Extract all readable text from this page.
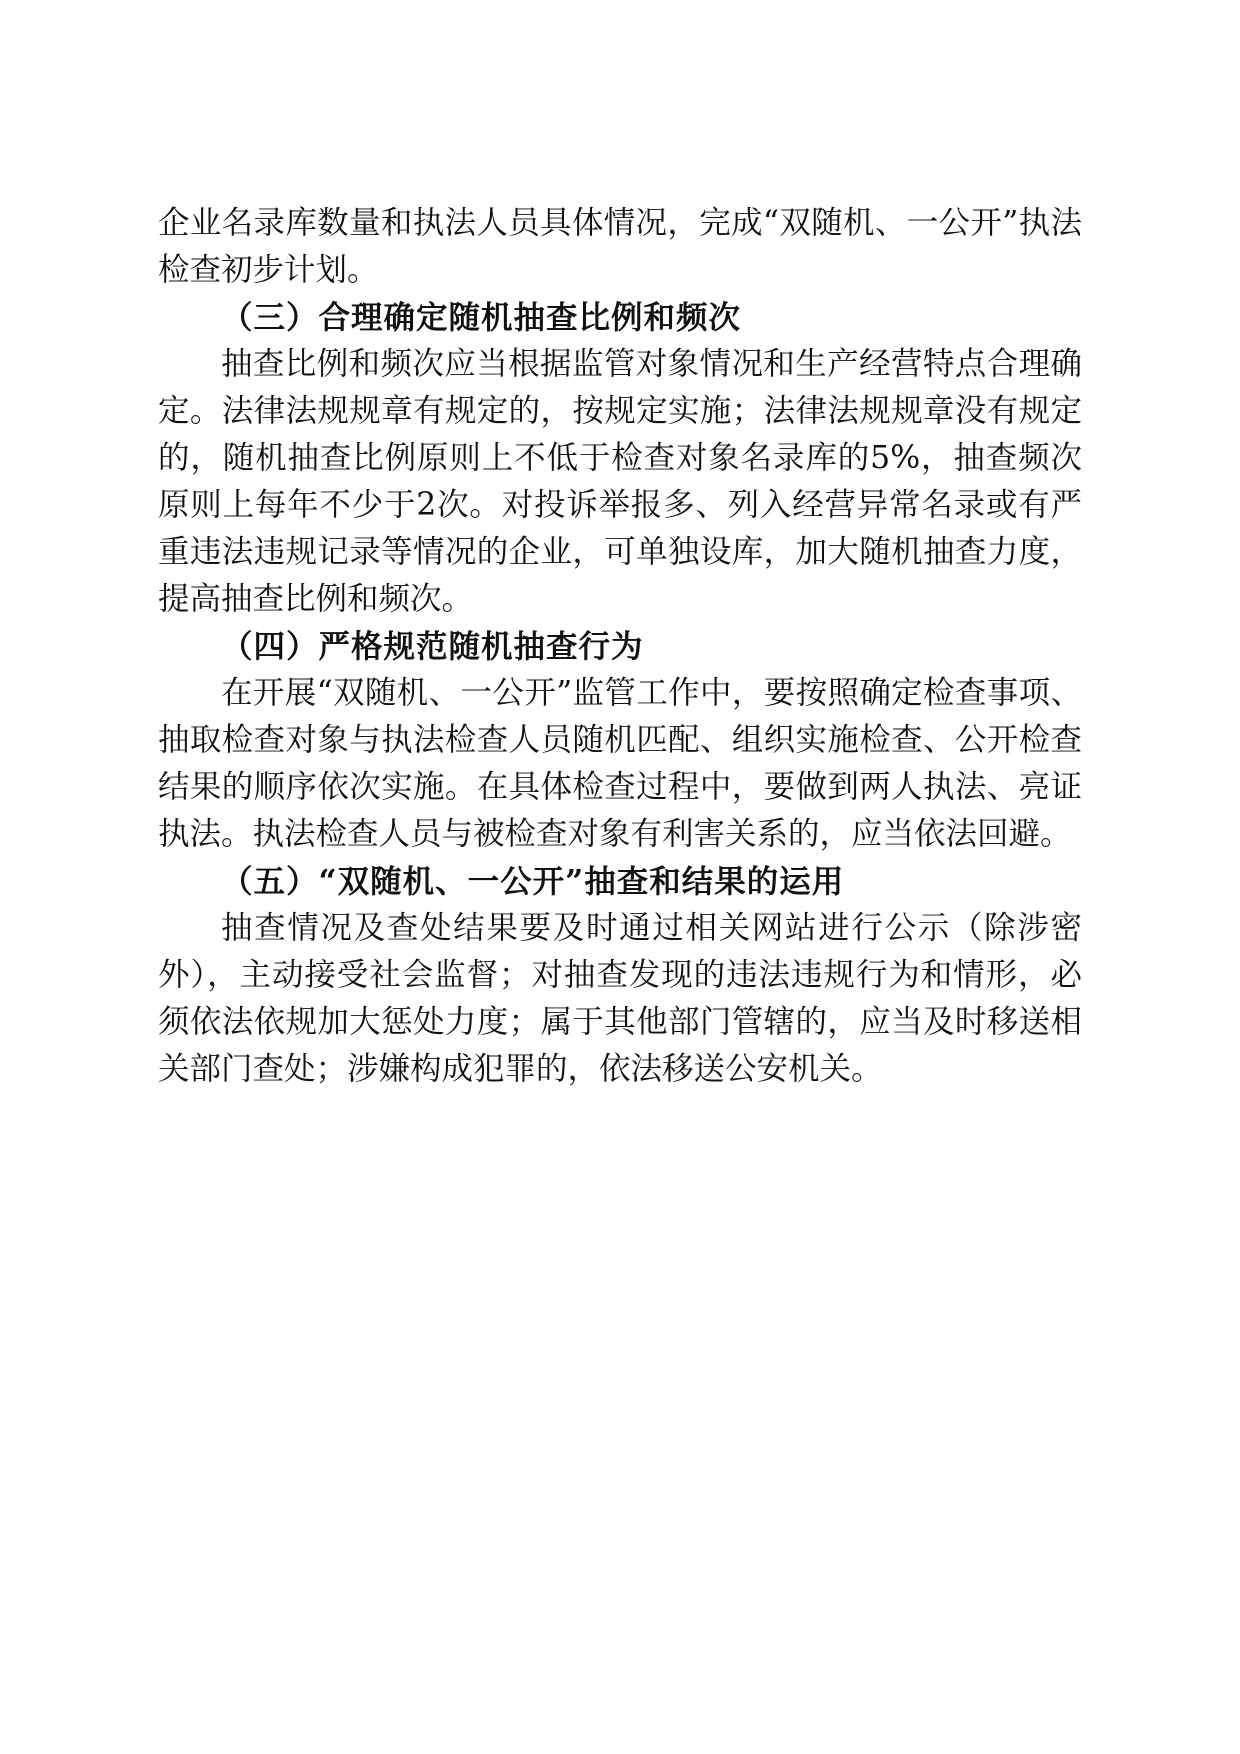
企业名录库数量和执法人员具体情况，完成“双随机、一公开”执法检查初步计划。

（三）合理确定随机抽查比例和频次

抽查比例和频次应当根据监管对象情况和生产经营特点合理确定。法律法规规章有规定的，按规定实施；法律法规规章没有规定的，随机抽查比例原则上不低于检查对象名录库的5%，抽查频次原则上每年不少于2次。对投诉举报多、列入经营异常名录或有严重违法违规记录等情况的企业，可单独设库，加大随机抽查力度，提高抽查比例和频次。

（四）严格规范随机抽查行为

在开展“双随机、一公开”监管工作中，要按照确定检查事项、抽取检查对象与执法检查人员随机匹配、组织实施检查、公开检查结果的顺序依次实施。在具体检查过程中，要做到两人执法、亮证执法。执法检查人员与被检查对象有利害关系的，应当依法回避。

（五）“双随机、一公开”抽查和结果的运用

抽查情况及查处结果要及时通过相关网站进行公示（除涉密外），主动接受社会监督；对抽查发现的违法违规行为和情形，必须依法依规加大惩处力度；属于其他部门管辖的，应当及时移送相关部门查处；涉嫌构成犯罪的，依法移送公安机关。
